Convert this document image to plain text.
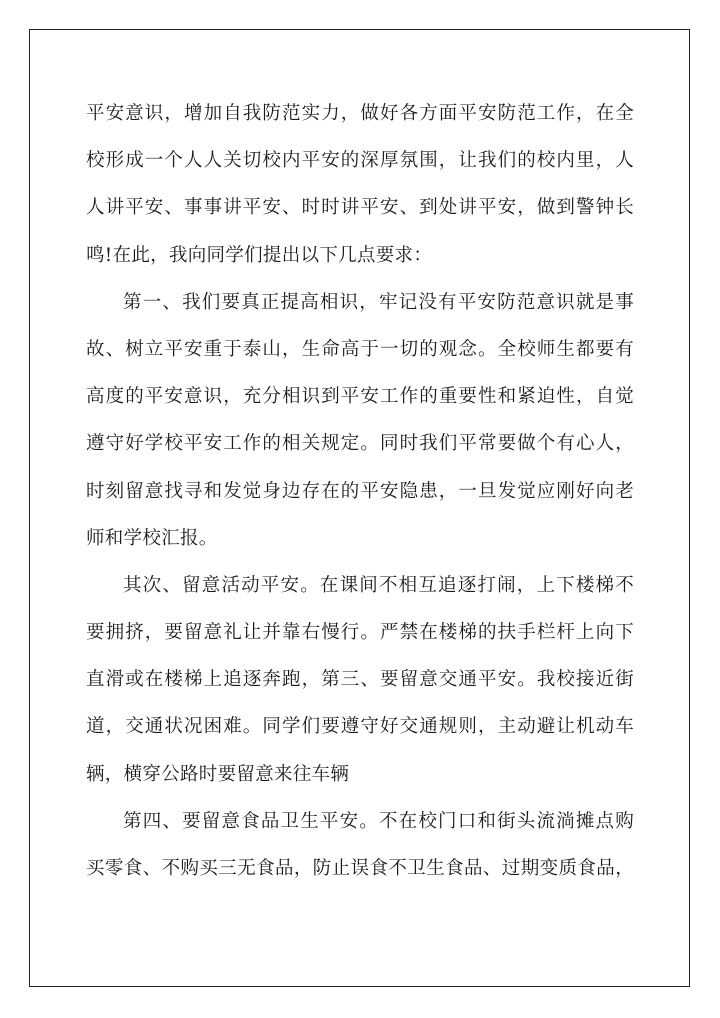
平安意识，增加自我防范实力，做好各方面平安防范工作，在全
校形成一个人人关切校内平安的深厚氛围，让我们的校内里，人
人讲平安、事事讲平安、时时讲平安、到处讲平安，做到警钟长
鸣!在此，我向同学们提出以下几点要求：
第一、我们要真正提高相识，牢记没有平安防范意识就是事
故、树立平安重于泰山，生命高于一切的观念。全校师生都要有
高度的平安意识，充分相识到平安工作的重要性和紧迫性，自觉
遵守好学校平安工作的相关规定。同时我们平常要做个有心人，
时刻留意找寻和发觉身边存在的平安隐患，一旦发觉应刚好向老
师和学校汇报。
其次、留意活动平安。在课间不相互追逐打闹，上下楼梯不
要拥挤，要留意礼让并靠右慢行。严禁在楼梯的扶手栏杆上向下
直滑或在楼梯上追逐奔跑，第三、要留意交通平安。我校接近街
道，交通状况困难。同学们要遵守好交通规则，主动避让机动车
辆，横穿公路时要留意来往车辆
第四、要留意食品卫生平安。不在校门口和街头流淌摊点购
买零食、不购买三无食品，防止误食不卫生食品、过期变质食品，
